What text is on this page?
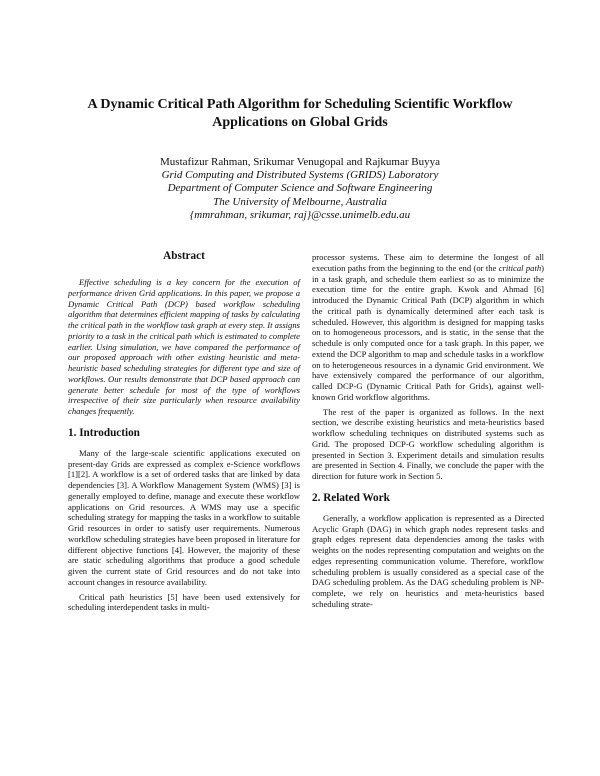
A Dynamic Critical Path Algorithm for Scheduling Scientific Workflow Applications on Global Grids
Mustafizur Rahman, Srikumar Venugopal and Rajkumar Buyya
Grid Computing and Distributed Systems (GRIDS) Laboratory
Department of Computer Science and Software Engineering
The University of Melbourne, Australia
{mmrahman, srikumar, raj}@csse.unimelb.edu.au
Abstract

Effective scheduling is a key concern for the execution of performance driven Grid applications. In this paper, we propose a Dynamic Critical Path (DCP) based workflow scheduling algorithm that determines efficient mapping of tasks by calculating the critical path in the workflow task graph at every step. It assigns priority to a task in the critical path which is estimated to complete earlier. Using simulation, we have compared the performance of our proposed approach with other existing heuristic and meta-heuristic based scheduling strategies for different type and size of workflows. Our results demonstrate that DCP based approach can generate better schedule for most of the type of workflows irrespective of their size particularly when resource availability changes frequently.

1. Introduction

Many of the large-scale scientific applications executed on present-day Grids are expressed as complex e-Science workflows [1][2]. A workflow is a set of ordered tasks that are linked by data dependencies [3]. A Workflow Management System (WMS) [3] is generally employed to define, manage and execute these workflow applications on Grid resources. A WMS may use a specific scheduling strategy for mapping the tasks in a workflow to suitable Grid resources in order to satisfy user requirements. Numerous workflow scheduling strategies have been proposed in literature for different objective functions [4]. However, the majority of these are static scheduling algorithms that produce a good schedule given the current state of Grid resources and do not take into account changes in resource availability.

Critical path heuristics [5] have been used extensively for scheduling interdependent tasks in multi-

processor systems. These aim to determine the longest of all execution paths from the beginning to the end (or the critical path) in a task graph, and schedule them earliest so as to minimize the execution time for the entire graph. Kwok and Ahmad [6] introduced the Dynamic Critical Path (DCP) algorithm in which the critical path is dynamically determined after each task is scheduled. However, this algorithm is designed for mapping tasks on to homogeneous processors, and is static, in the sense that the schedule is only computed once for a task graph. In this paper, we extend the DCP algorithm to map and schedule tasks in a workflow on to heterogeneous resources in a dynamic Grid environment. We have extensively compared the performance of our algorithm, called DCP-G (Dynamic Critical Path for Grids), against well-known Grid workflow algorithms.

The rest of the paper is organized as follows. In the next section, we describe existing heuristics and meta-heuristics based workflow scheduling techniques on distributed systems such as Grid. The proposed DCP-G workflow scheduling algorithm is presented in Section 3. Experiment details and simulation results are presented in Section 4. Finally, we conclude the paper with the direction for future work in Section 5.

2. Related Work

Generally, a workflow application is represented as a Directed Acyclic Graph (DAG) in which graph nodes represent tasks and graph edges represent data dependencies among the tasks with weights on the nodes representing computation and weights on the edges representing communication volume. Therefore, workflow scheduling problem is usually considered as a special case of the DAG scheduling problem. As the DAG scheduling problem is NP-complete, we rely on heuristics and meta-heuristics based scheduling strate-
